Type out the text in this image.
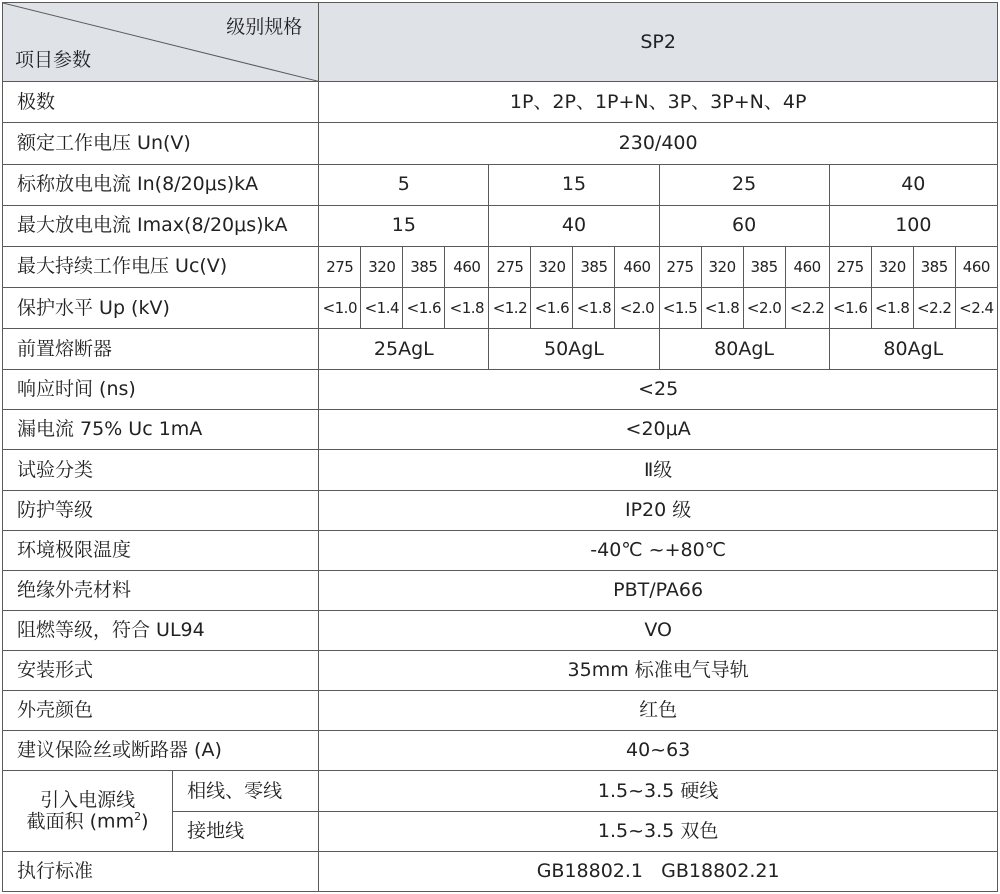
级别规格
项目参数		SP2															
极数		1P、2P、1P+N、3P、3P+N、4P															
额定工作电压 Un(V)		230/400															
标称放电电流 In(8/20μs)kA		5				15				25				40			
最大放电电流 Imax(8/20μs)kA		15				40				60				100			
最大持续工作电压 Uc(V)		275	320	385	460	275	320	385	460	275	320	385	460	275	320	385	460
保护水平 Up (kV)		<1.0	<1.4	<1.6	<1.8	<1.2	<1.6	<1.8	<2.0	<1.5	<1.8	<2.0	<2.2	<1.6	<1.8	<2.2	<2.4
前置熔断器		25AgL				50AgL				80AgL				80AgL			
响应时间 (ns)		<25															
漏电流 75% Uc 1mA		<20μA															
试验分类		Ⅱ级															
防护等级		IP20 级															
环境极限温度		-40℃ ~+80℃															
绝缘外壳材料		PBT/PA66															
阻燃等级，符合 UL94		VO															
安装形式		35mm 标准电气导轨															
外壳颜色		红色															
建议保险丝或断路器 (A)		40~63															

引入电源线
截面积 $(mm^2)$	相线、零线	1.5~3.5 硬线															
	接地线	1.5~3.5 双色															
执行标准		GB18802.1   GB18802.21															
